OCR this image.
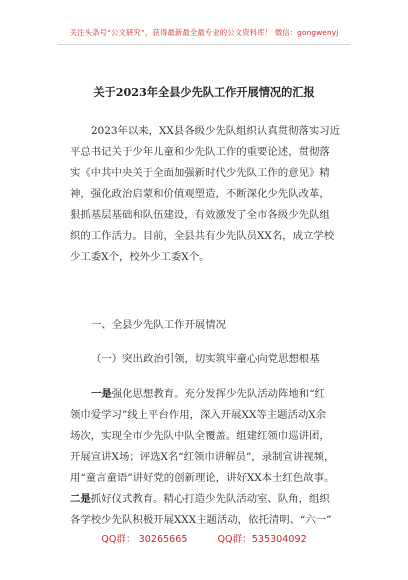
关注头条号“公文研究”，获得最新最全最专业的公文资料库！ 微信：gongwenyj
关于2023年全县少先队工作开展情况的汇报
2023年以来，XX县各级少先队组织认真贯彻落实习近
平总书记关于少年儿童和少先队工作的重要论述，贯彻落
实《中共中央关于全面加强新时代少先队工作的意见》精
神，强化政治启蒙和价值观塑造，不断深化少先队改革，
狠抓基层基础和队伍建设，有效激发了全市各级少先队组
织的工作活力。目前，全县共有少先队员XX名，成立学校
少工委X个，校外少工委X个。
一、全县少先队工作开展情况
（一）突出政治引领，切实筑牢童心向党思想根基
一是强化思想教育。充分发挥少先队活动阵地和“红
领巾爱学习”线上平台作用，深入开展XX等主题活动X余
场次，实现全市少先队中队全覆盖。组建红领巾巡讲团，
开展宣讲X场；评选X名“红领巾讲解员”，录制宣讲视频，
用“童言童语”讲好党的创新理论，讲好XX本土红色故事。
二是抓好仪式教育。精心打造少先队活动室、队角，组织
各学校少先队积极开展XXX主题活动，依托清明、“六一”
QQ群： 30265665	QQ群：535304092
